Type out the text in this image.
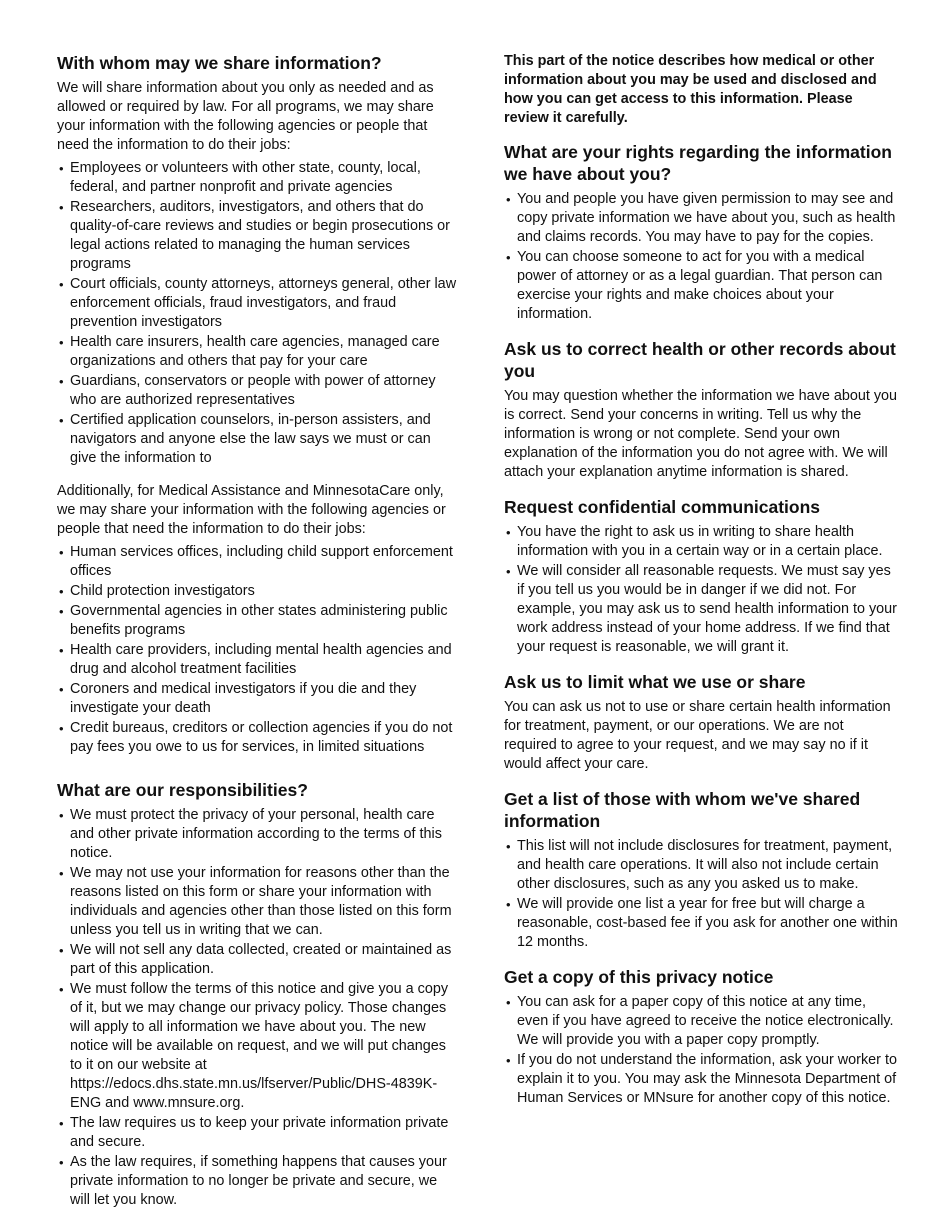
With whom may we share information?

We will share information about you only as needed and as allowed or required by law. For all programs, we may share your information with the following agencies or people that need the information to do their jobs:

• Employees or volunteers with other state, county, local, federal, and partner nonprofit and private agencies
• Researchers, auditors, investigators, and others that do quality-of-care reviews and studies or begin prosecutions or legal actions related to managing the human services programs
• Court officials, county attorneys, attorneys general, other law enforcement officials, fraud investigators, and fraud prevention investigators
• Health care insurers, health care agencies, managed care organizations and others that pay for your care
• Guardians, conservators or people with power of attorney who are authorized representatives
• Certified application counselors, in-person assisters, and navigators and anyone else the law says we must or can give the information to

Additionally, for Medical Assistance and MinnesotaCare only, we may share your information with the following agencies or people that need the information to do their jobs:

• Human services offices, including child support enforcement offices
• Child protection investigators
• Governmental agencies in other states administering public benefits programs
• Health care providers, including mental health agencies and drug and alcohol treatment facilities
• Coroners and medical investigators if you die and they investigate your death
• Credit bureaus, creditors or collection agencies if you do not pay fees you owe to us for services, in limited situations
What are our responsibilities?
• We must protect the privacy of your personal, health care and other private information according to the terms of this notice.
• We may not use your information for reasons other than the reasons listed on this form or share your information with individuals and agencies other than those listed on this form unless you tell us in writing that we can.
• We will not sell any data collected, created or maintained as part of this application.
• We must follow the terms of this notice and give you a copy of it, but we may change our privacy policy. Those changes will apply to all information we have about you. The new notice will be available on request, and we will put changes to it on our website at https://edocs.dhs.state.mn.us/lfserver/Public/DHS-4839K-ENG and www.mnsure.org.
• The law requires us to keep your private information private and secure.
• As the law requires, if something happens that causes your private information to no longer be private and secure, we will let you know.

This part of the notice describes how medical or other information about you may be used and disclosed and how you can get access to this information. Please review it carefully.

What are your rights regarding the information we have about you?
• You and people you have given permission to may see and copy private information we have about you, such as health and claims records. You may have to pay for the copies.
• You can choose someone to act for you with a medical power of attorney or as a legal guardian. That person can exercise your rights and make choices about your information.
Ask us to correct health or other records about you

You may question whether the information we have about you is correct. Send your concerns in writing. Tell us why the information is wrong or not complete. Send your own explanation of the information you do not agree with. We will attach your explanation anytime information is shared.

Request confidential communications
• You have the right to ask us in writing to share health information with you in a certain way or in a certain place.
• We will consider all reasonable requests. We must say yes if you tell us you would be in danger if we did not. For example, you may ask us to send health information to your work address instead of your home address. If we find that your request is reasonable, we will grant it.
Ask us to limit what we use or share

You can ask us not to use or share certain health information for treatment, payment, or our operations. We are not required to agree to your request, and we may say no if it would affect your care.

Get a list of those with whom we've shared information
• This list will not include disclosures for treatment, payment, and health care operations. It will also not include certain other disclosures, such as any you asked us to make.
• We will provide one list a year for free but will charge a reasonable, cost-based fee if you ask for another one within 12 months.
Get a copy of this privacy notice
• You can ask for a paper copy of this notice at any time, even if you have agreed to receive the notice electronically. We will provide you with a paper copy promptly.
• If you do not understand the information, ask your worker to explain it to you. You may ask the Minnesota Department of Human Services or MNsure for another copy of this notice.
